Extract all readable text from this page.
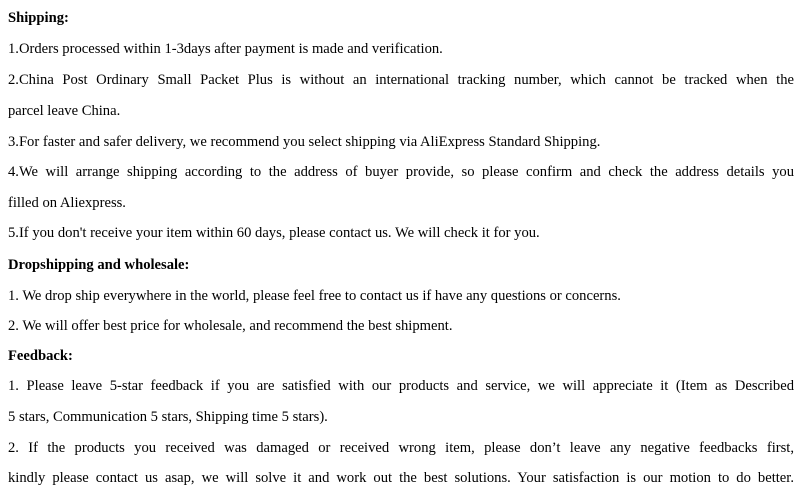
Shipping:
1.Orders processed within 1-3days after payment is made and verification.
2.China Post Ordinary Small Packet Plus is without an international tracking number, which cannot be tracked when the
parcel leave China.
3.For faster and safer delivery, we recommend you select shipping via AliExpress Standard Shipping.
4.We will arrange shipping according to the address of buyer provide, so please confirm and check the address details you
filled on Aliexpress.
5.If you don't receive your item within 60 days, please contact us. We will check it for you.
Dropshipping and wholesale:
1. We drop ship everywhere in the world, please feel free to contact us if have any questions or concerns.
2. We will offer best price for wholesale, and recommend the best shipment.
Feedback:
1. Please leave 5-star feedback if you are satisfied with our products and service, we will appreciate it (Item as Described
5 stars, Communication 5 stars, Shipping time 5 stars).
2. If the products you received was damaged or received wrong item, please don’t leave any negative feedbacks first,
kindly please contact us asap, we will solve it and work out the best solutions. Your satisfaction is our motion to do better.
